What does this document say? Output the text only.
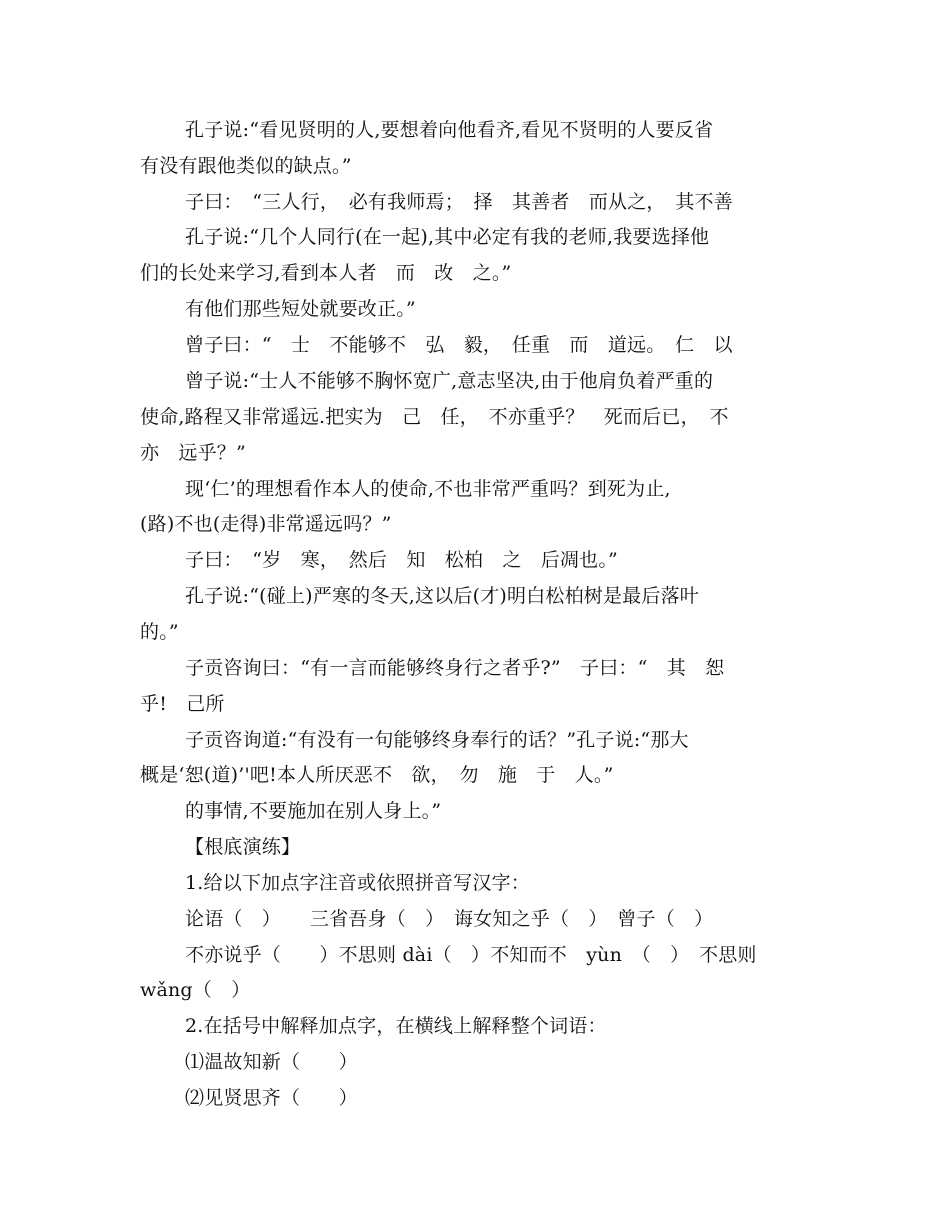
孔子说:“看见贤明的人,要想着向他看齐,看见不贤明的人要反省
有没有跟他类似的缺点。”
子曰：　“三人行，　必有我师焉；　择　其善者　而从之，　其不善
孔子说:“几个人同行(在一起),其中必定有我的老师,我要选择他
们的长处来学习,看到本人者　而　改　之。”
有他们那些短处就要改正。”
曾子曰：“　士　不能够不　弘　毅，　任重　而　道远。　仁　以
曾子说:“士人不能够不胸怀宽广,意志坚决,由于他肩负着严重的
使命,路程又非常遥远.把实为　己　任，　不亦重乎？　死而后已，　不
亦　远乎？”
现‘仁’的理想看作本人的使命,不也非常严重吗？到死为止,
(路)不也(走得)非常遥远吗？”
子曰：　“岁　寒，　然后　知　松柏　之　后凋也。”
孔子说:“(碰上)严寒的冬天,这以后(才)明白松柏树是最后落叶
的。”
子贡咨询曰：“有一言而能够终身行之者乎?”　子曰：“　其　恕
乎!　己所
子贡咨询道:“有没有一句能够终身奉行的话？”孔子说:“那大
概是‘恕(道)’'吧!本人所厌恶不　欲，　勿　施　于　人。”
的事情,不要施加在别人身上。”
【根底演练】
1.给以下加点字注音或依照拼音写汉字：
论语（　）　　三省吾身（　）　诲女知之乎（　）　曾子（　）
不亦说乎（　　）不思则 dài（　）不知而不　yùn　（　）　不思则
wǎng（　）
2.在括号中解释加点字，在横线上解释整个词语：
⑴温故知新（　　）
⑵见贤思齐（　　）
